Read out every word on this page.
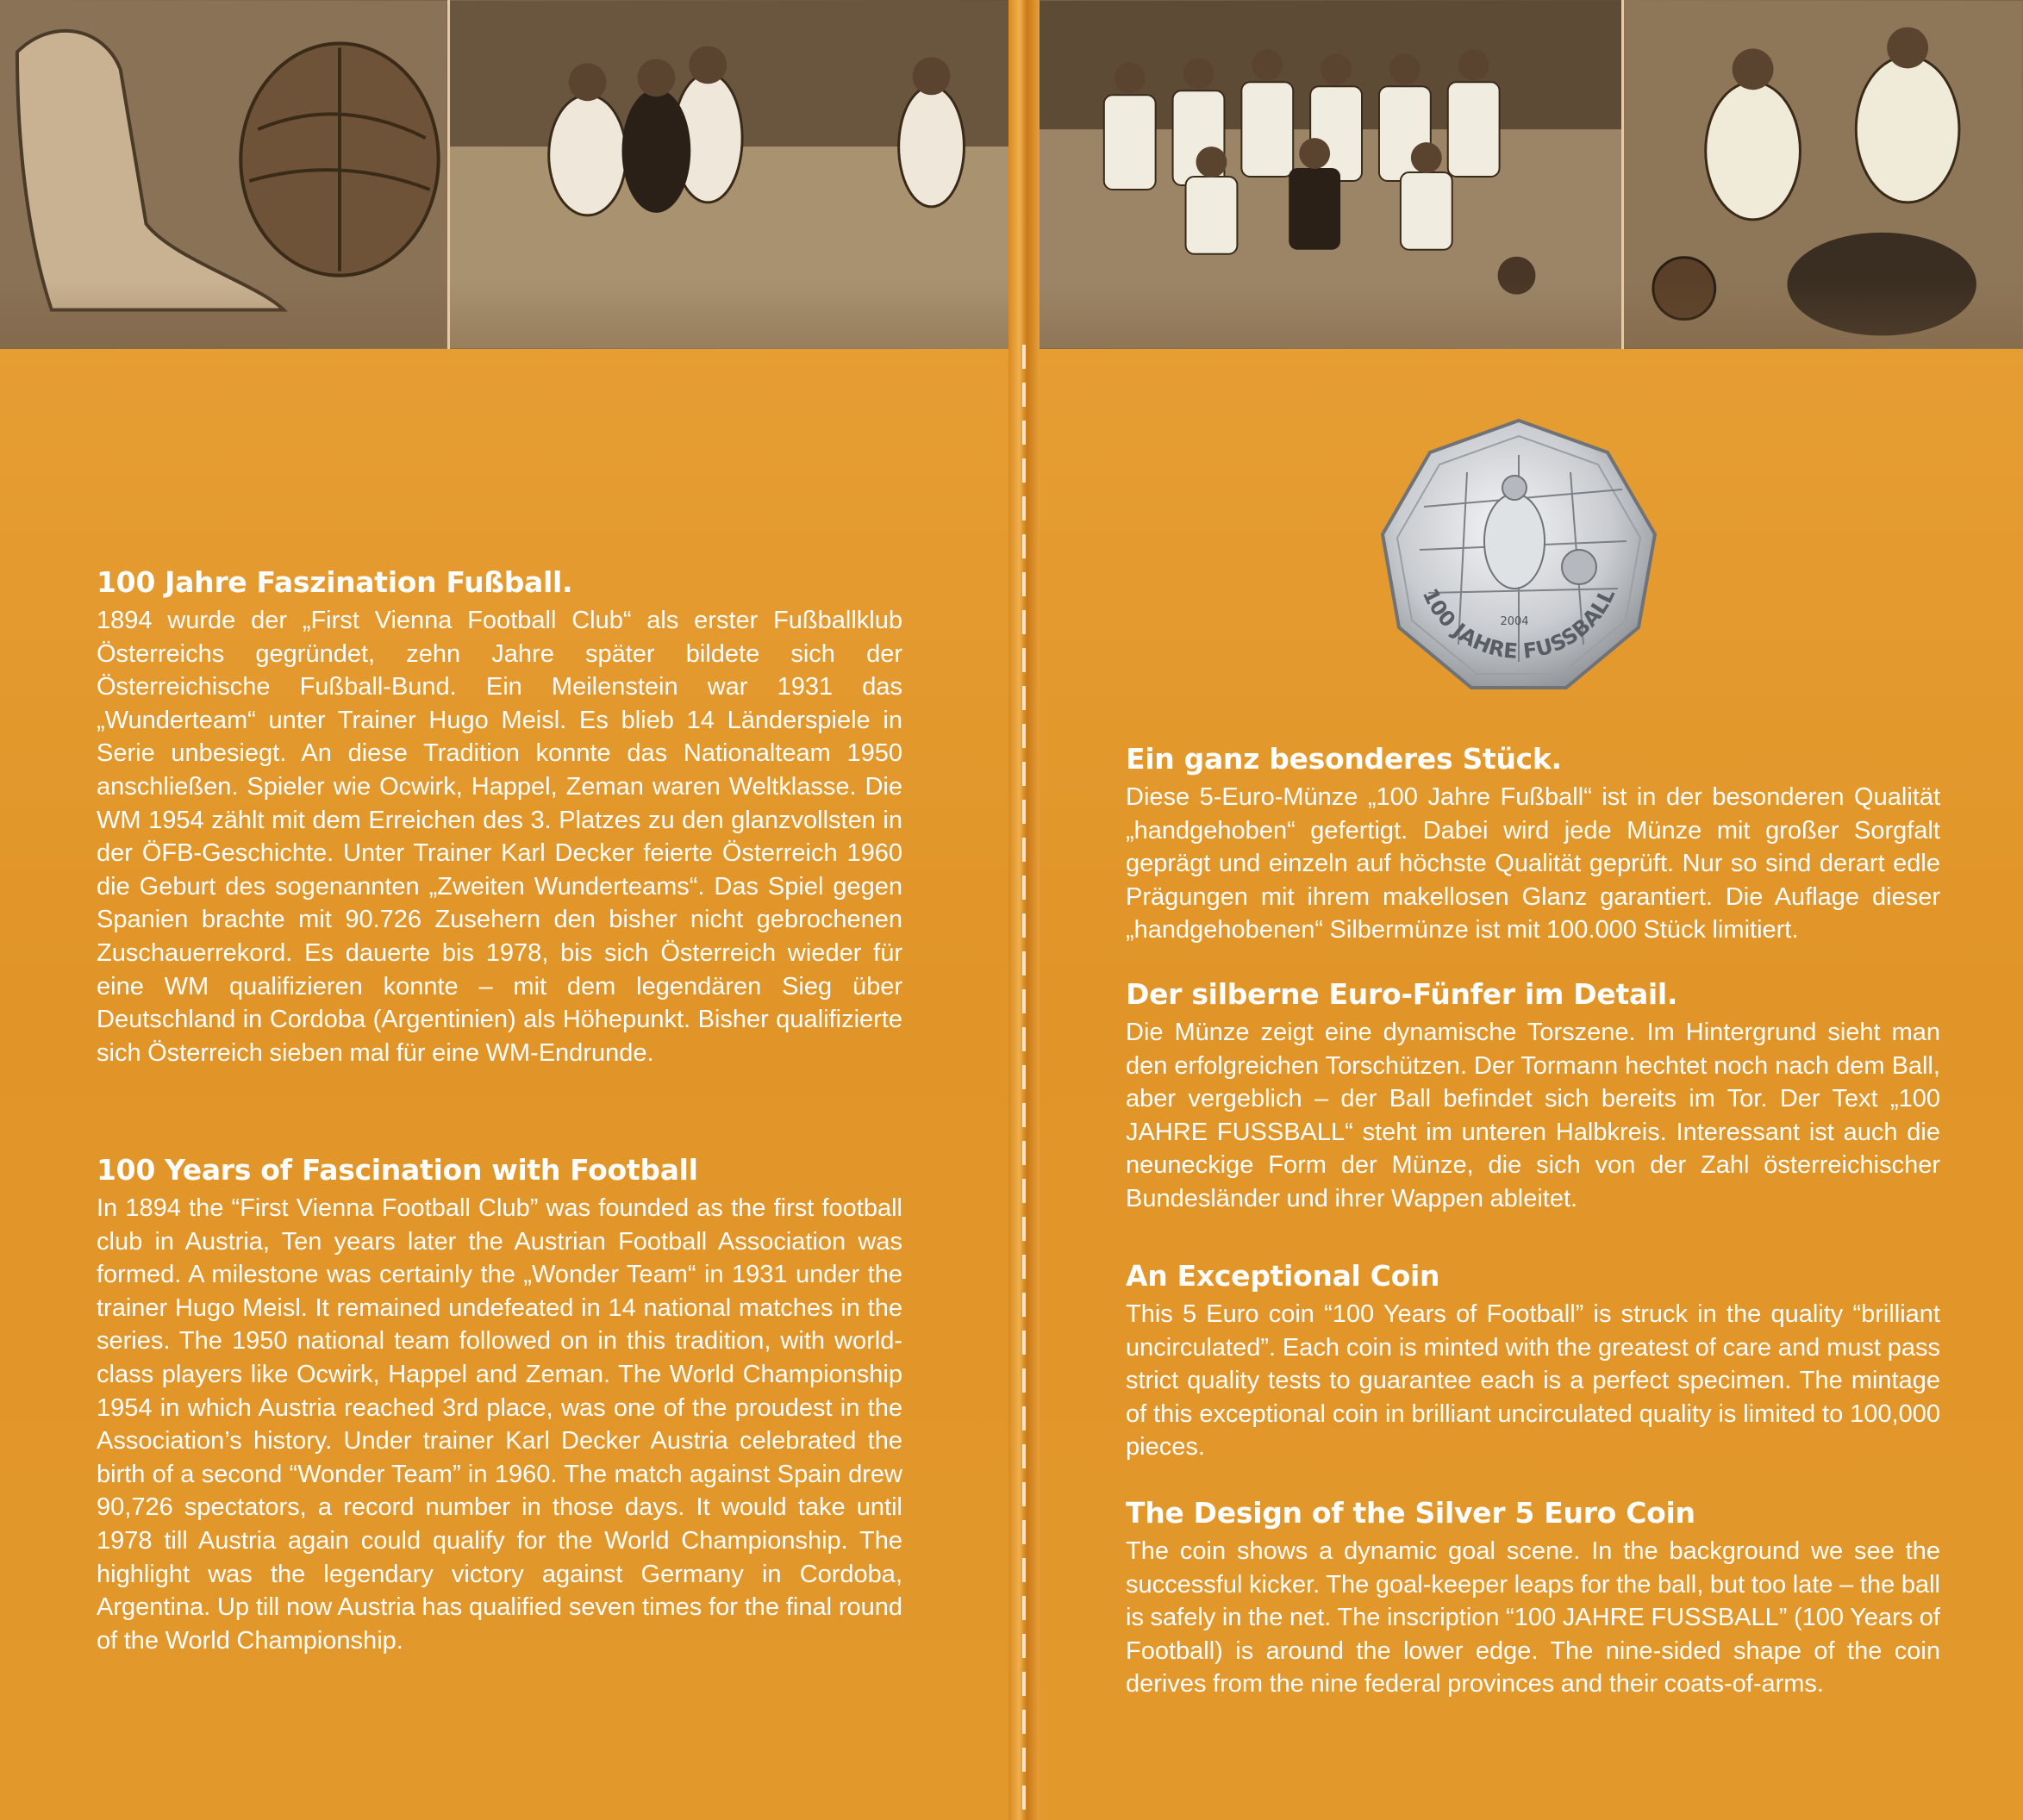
100 Jahre Faszination Fußball.

1894 wurde der „First Vienna Football Club“ als erster Fußballklub Österreichs gegründet, zehn Jahre später bildete sich der Österreichische Fußball-Bund. Ein Meilenstein war 1931 das „Wunderteam“ unter Trainer Hugo Meisl. Es blieb 14 Länderspiele in Serie unbesiegt. An diese Tradition konnte das Nationalteam 1950 anschließen. Spieler wie Ocwirk, Happel, Zeman waren Weltklasse. Die WM 1954 zählt mit dem Erreichen des 3. Platzes zu den glanzvollsten in der ÖFB-Geschichte. Unter Trainer Karl Decker feierte Österreich 1960 die Geburt des sogenannten „Zweiten Wunderteams“. Das Spiel gegen Spanien brachte mit 90.726 Zusehern den bisher nicht gebrochenen Zuschauerrekord. Es dauerte bis 1978, bis sich Österreich wieder für eine WM qualifizieren konnte – mit dem legendären Sieg über Deutschland in Cordoba (Argentinien) als Höhepunkt. Bisher qualifizierte sich Österreich sieben mal für eine WM-Endrunde.

100 Years of Fascination with Football

In 1894 the “First Vienna Football Club” was founded as the first football club in Austria, Ten years later the Austrian Football Association was formed. A milestone was certainly the „Wonder Team“ in 1931 under the trainer Hugo Meisl. It remained undefeated in 14 national matches in the series. The 1950 national team followed on in this tradition, with world-class players like Ocwirk, Happel and Zeman. The World Championship 1954 in which Austria reached 3rd place, was one of the proudest in the Association’s history. Under trainer Karl Decker Austria celebrated the birth of a second “Wonder Team” in 1960. The match against Spain drew 90,726 spectators, a record number in those days. It would take until 1978 till Austria again could qualify for the World Championship. The highlight was the legendary victory against Germany in Cordoba, Argentina. Up till now Austria has qualified seven times for the final round of the World Championship.

Ein ganz besonderes Stück.

Diese 5-Euro-Münze „100 Jahre Fußball“ ist in der besonderen Qualität „handgehoben“ gefertigt. Dabei wird jede Münze mit großer Sorgfalt geprägt und einzeln auf höchste Qualität geprüft. Nur so sind derart edle Prägungen mit ihrem makellosen Glanz garantiert. Die Auflage dieser „handgehobenen“ Silbermünze ist mit 100.000 Stück limitiert.

Der silberne Euro-Fünfer im Detail.

Die Münze zeigt eine dynamische Torszene. Im Hintergrund sieht man den erfolgreichen Torschützen. Der Tormann hechtet noch nach dem Ball, aber vergeblich – der Ball befindet sich bereits im Tor. Der Text „100 JAHRE FUSSBALL“ steht im unteren Halbkreis. Interessant ist auch die neuneckige Form der Münze, die sich von der Zahl österreichischer Bundesländer und ihrer Wappen ableitet.

An Exceptional Coin

This 5 Euro coin “100 Years of Football” is struck in the quality “brilliant uncirculated”. Each coin is minted with the greatest of care and must pass strict quality tests to guarantee each is a perfect specimen. The mintage of this exceptional coin in brilliant uncirculated quality is limited to 100,000 pieces.

The Design of the Silver 5 Euro Coin

The coin shows a dynamic goal scene. In the background we see the successful kicker. The goal-keeper leaps for the ball, but too late – the ball is safely in the net. The inscription “100 JAHRE FUSSBALL” (100 Years of Football) is around the lower edge. The nine-sided shape of the coin derives from the nine federal provinces and their coats-of-arms.

2004
100 JAHRE FUSSBALL
